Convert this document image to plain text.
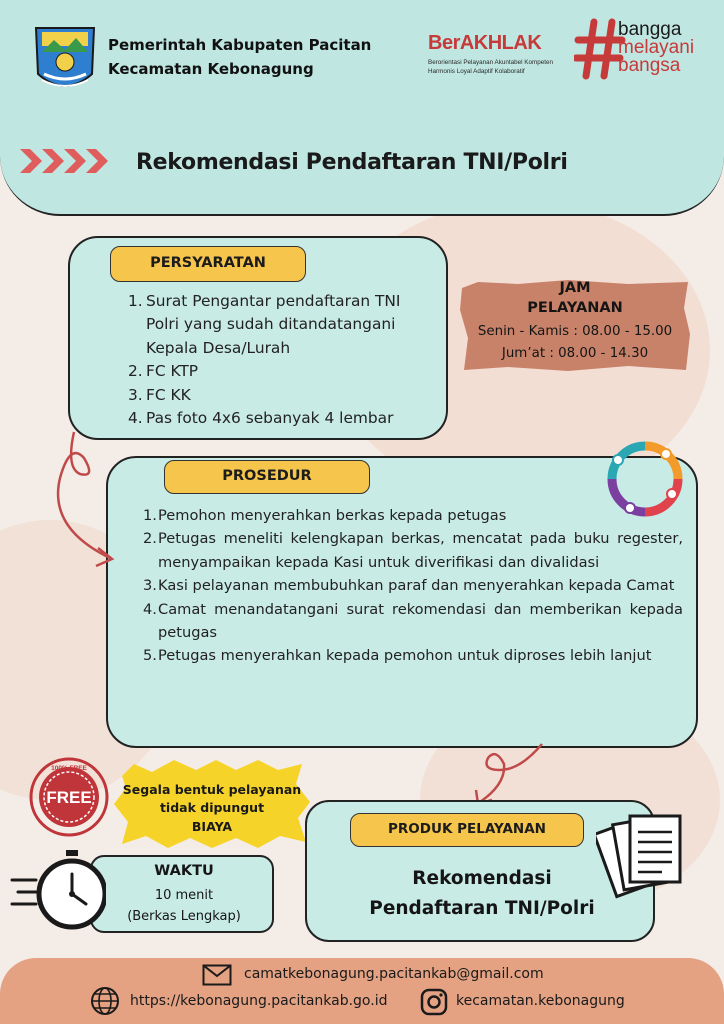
Pemerintah Kabupaten Pacitan
Kecamatan Kebonagung
BerAKHLAK
Berorientasi Pelayanan Akuntabel Kompeten
Harmonis Loyal Adaptif Kolaboratif
bangga
melayani
bangsa
Rekomendasi Pendaftaran TNI/Polri
PERSYARATAN
1. Surat Pengantar pendaftaran TNI
Polri yang sudah ditandatangani
Kepala Desa/Lurah
2. FC KTP
3. FC KK
4. Pas foto 4x6 sebanyak 4 lembar
JAM
PELAYANAN
Senin - Kamis : 08.00 - 15.00
Jum’at : 08.00 - 14.30
PROSEDUR
1. Pemohon menyerahkan berkas kepada petugas
2. Petugas meneliti kelengkapan berkas, mencatat pada buku regester, menyampaikan kepada Kasi untuk diverifikasi dan divalidasi
3. Kasi pelayanan membubuhkan paraf dan menyerahkan kepada Camat
4. Camat menandatangani surat rekomendasi dan memberikan kepada petugas
5. Petugas menyerahkan kepada pemohon untuk diproses lebih lanjut
FREE
100% FREE
Segala bentuk pelayanan
tidak dipungut
BIAYA
WAKTU
10 menit
(Berkas Lengkap)
Rekomendasi
Pendaftaran TNI/Polri
PRODUK PELAYANAN
camatkebonagung.pacitankab@gmail.com
https://kebonagung.pacitankab.go.id	kecamatan.kebonagung
